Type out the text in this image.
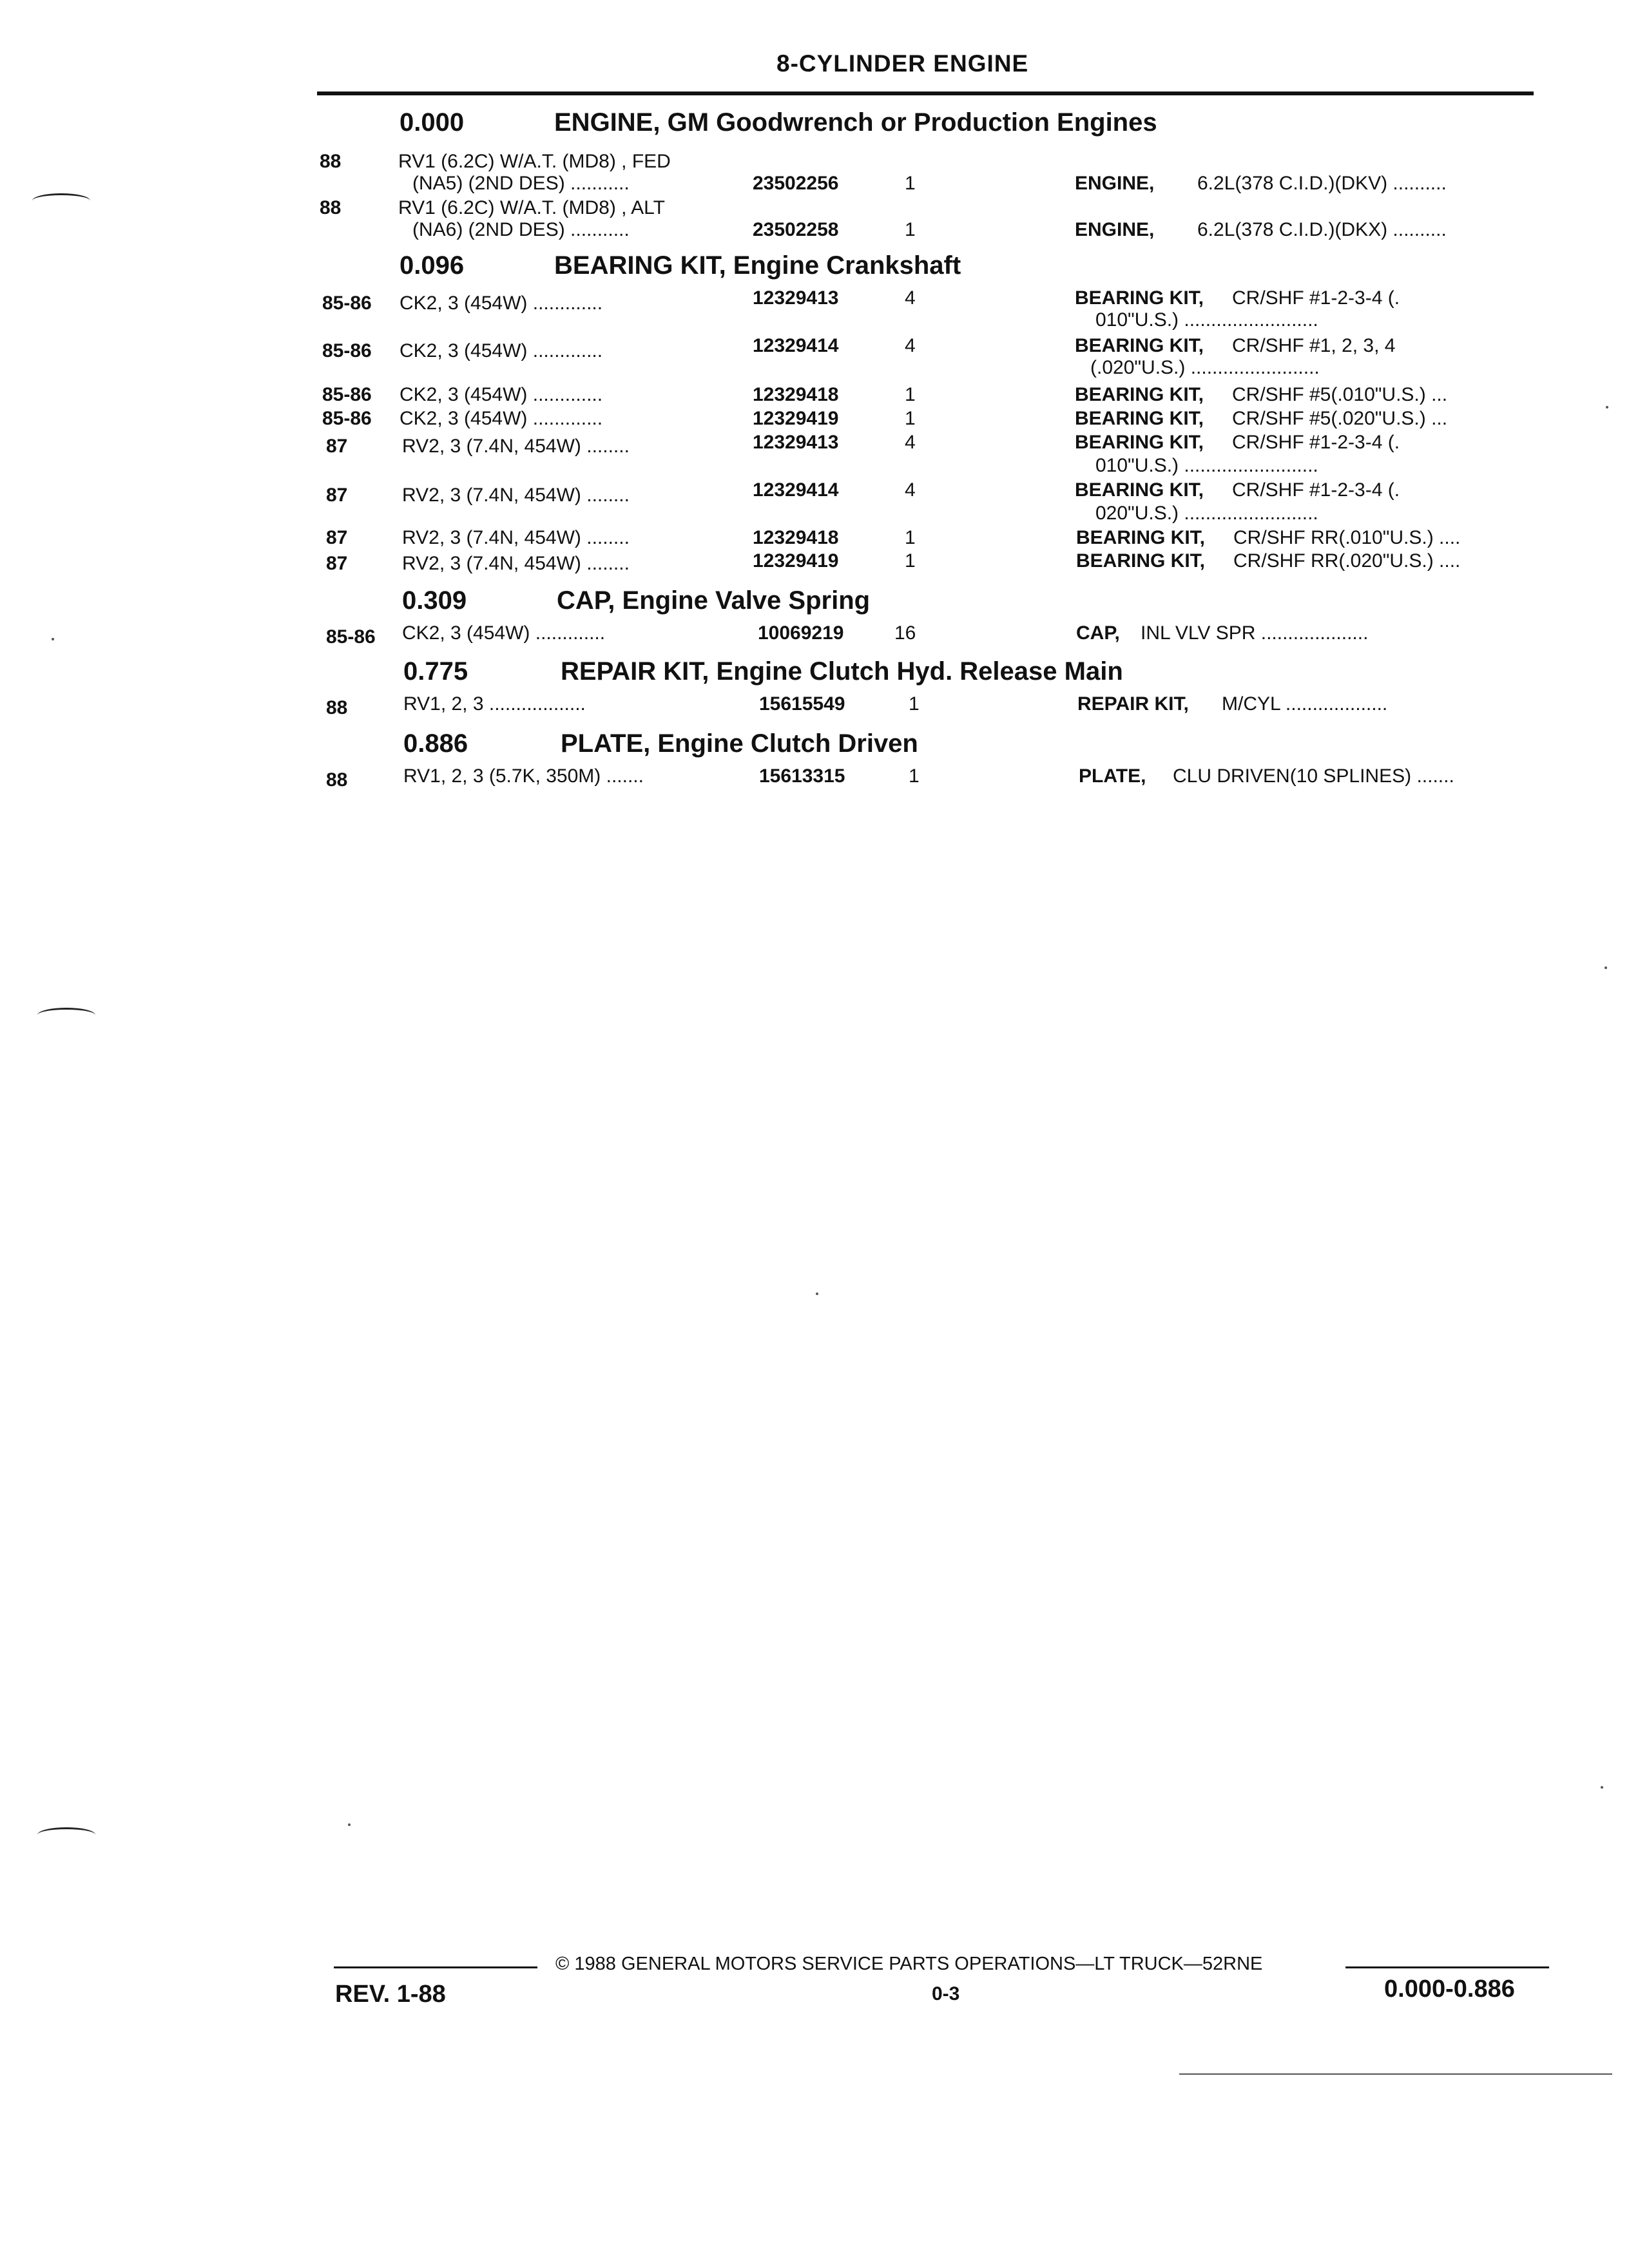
8-CYLINDER ENGINE
0.000	ENGINE, GM Goodwrench or Production Engines
88	RV1 (6.2C) W/A.T. (MD8) , FED
(NA5) (2ND DES) ...........	23502256	1	ENGINE, 6.2L(378 C.I.D.)(DKV) ..........
88	RV1 (6.2C) W/A.T. (MD8) , ALT
(NA6) (2ND DES) ...........	23502258	1	ENGINE, 6.2L(378 C.I.D.)(DKX) ..........
0.096	BEARING KIT, Engine Crankshaft
85-86 CK2, 3 (454W) .............	12329413	4	BEARING KIT, CR/SHF #1-2-3-4 (.
010"U.S.) .........................
85-86 CK2, 3 (454W) .............	12329414	4	BEARING KIT, CR/SHF #1, 2, 3, 4
(.020"U.S.) ........................
85-86 CK2, 3 (454W) .............	12329418	1	BEARING KIT, CR/SHF #5(.010"U.S.) ...
85-86 CK2, 3 (454W) .............	12329419	1	BEARING KIT, CR/SHF #5(.020"U.S.) ...
87	RV2, 3 (7.4N, 454W) ........	12329413	4	BEARING KIT, CR/SHF #1-2-3-4 (.
010"U.S.) .........................
87	RV2, 3 (7.4N, 454W) ........	12329414	4	BEARING KIT, CR/SHF #1-2-3-4 (.
020"U.S.) .........................
87	RV2, 3 (7.4N, 454W) ........	12329418	1	BEARING KIT, CR/SHF RR(.010"U.S.) ....
87	RV2, 3 (7.4N, 454W) ........	12329419	1	BEARING KIT, CR/SHF RR(.020"U.S.) ....
0.309	CAP, Engine Valve Spring
85-86 CK2, 3 (454W) .............	10069219	16	CAP, INL VLV SPR ....................
0.775	REPAIR KIT, Engine Clutch Hyd. Release Main
88	RV1, 2, 3 ..................	15615549	1	REPAIR KIT, M/CYL ...................
0.886	PLATE, Engine Clutch Driven
88	RV1, 2, 3 (5.7K, 350M) .......	15613315	1	PLATE, CLU DRIVEN(10 SPLINES) .......
© 1988 GENERAL MOTORS SERVICE PARTS OPERATIONS—LT TRUCK—52RNE
REV. 1-88	0-3	0.000-0.886
